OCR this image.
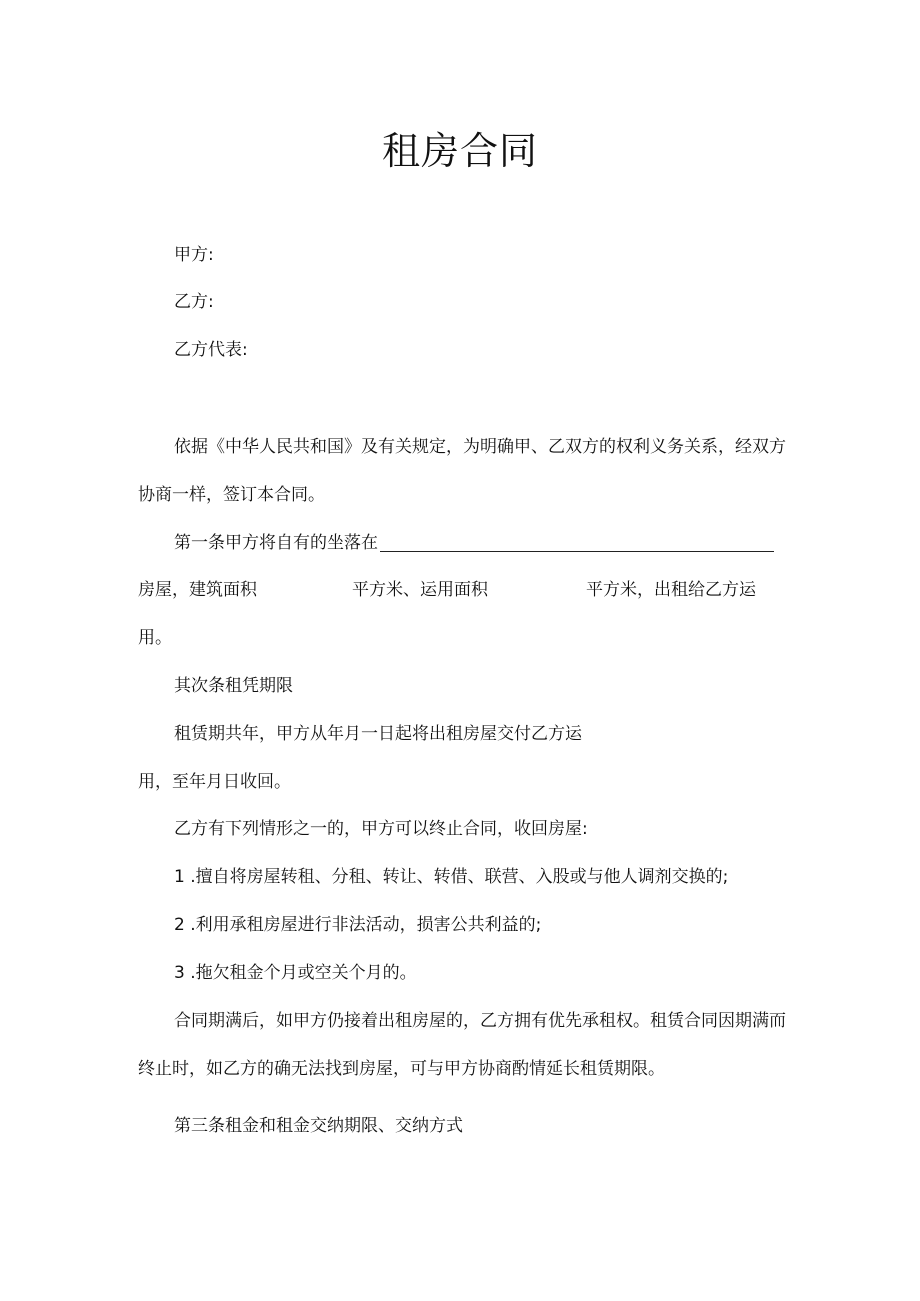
租房合同
甲方:
乙方:
乙方代表:
依据《中华人民共和国》及有关规定，为明确甲、乙双方的权利义务关系，经双方
协商一样，签订本合同。
第一条甲方将自有的坐落在
房屋，建筑面积	平方米、运用面积	平方米，出租给乙方运
用。
其次条租凭期限
租赁期共年，甲方从年月一日起将出租房屋交付乙方运
用，至年月日收回。
乙方有下列情形之一的，甲方可以终止合同，收回房屋:
1 .擅自将房屋转租、分租、转让、转借、联营、入股或与他人调剂交换的;
2 .利用承租房屋进行非法活动，损害公共利益的;
3 .拖欠租金个月或空关个月的。
合同期满后，如甲方仍接着出租房屋的，乙方拥有优先承租权。租赁合同因期满而
终止时，如乙方的确无法找到房屋，可与甲方协商酌情延长租赁期限。
第三条租金和租金交纳期限、交纳方式
